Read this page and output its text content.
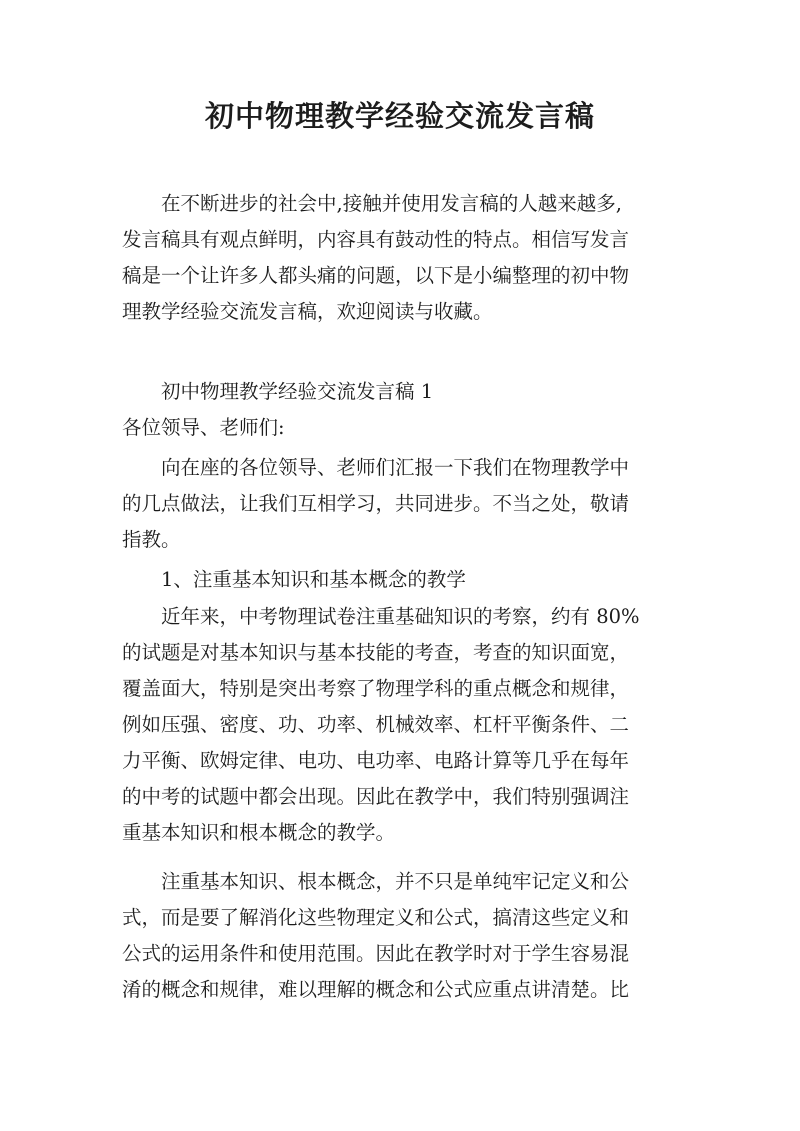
初中物理教学经验交流发言稿
　　在不断进步的社会中,接触并使用发言稿的人越来越多,
发言稿具有观点鲜明，内容具有鼓动性的特点。相信写发言
稿是一个让许多人都头痛的问题，以下是小编整理的初中物
理教学经验交流发言稿，欢迎阅读与收藏。
　　初中物理教学经验交流发言稿 1
各位领导、老师们:
　　向在座的各位领导、老师们汇报一下我们在物理教学中
的几点做法，让我们互相学习，共同进步。不当之处，敬请
指教。
　　1、注重基本知识和基本概念的教学
　　近年来，中考物理试卷注重基础知识的考察，约有 80%
的试题是对基本知识与基本技能的考查，考查的知识面宽，
覆盖面大，特别是突出考察了物理学科的重点概念和规律，
例如压强、密度、功、功率、机械效率、杠杆平衡条件、二
力平衡、欧姆定律、电功、电功率、电路计算等几乎在每年
的中考的试题中都会出现。因此在教学中，我们特别强调注
重基本知识和根本概念的教学。
　　注重基本知识、根本概念，并不只是单纯牢记定义和公
式，而是要了解消化这些物理定义和公式，搞清这些定义和
公式的运用条件和使用范围。因此在教学时对于学生容易混
淆的概念和规律，难以理解的概念和公式应重点讲清楚。比
